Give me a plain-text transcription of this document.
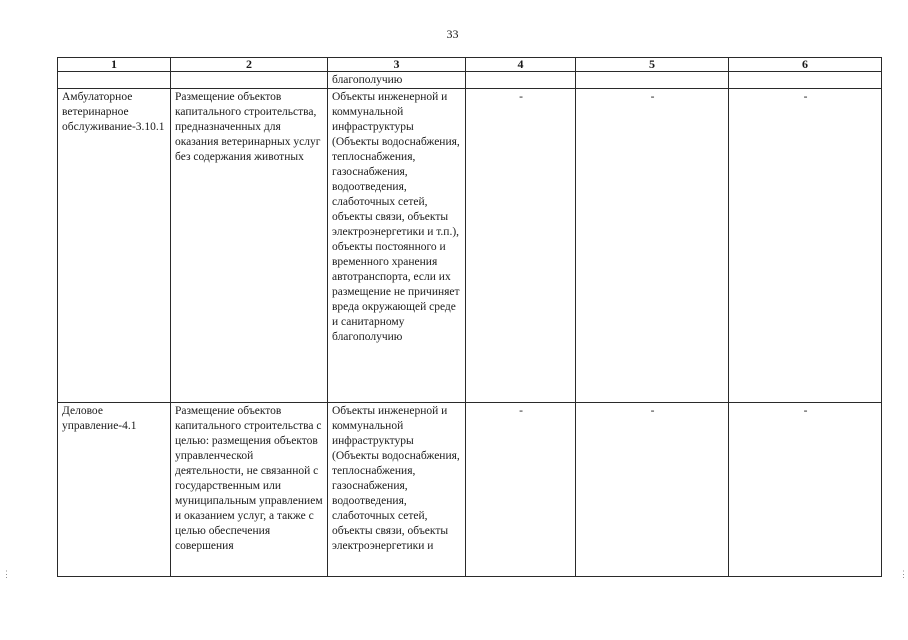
33
1	2	3	4	5	6
		благополучию			
Амбулаторное ветеринарное обслуживание-3.10.1	Размещение объектов капитального строительства, предназначенных для оказания ветеринарных услуг без содержания животных	Объекты инженерной и коммунальной инфраструктуры (Объекты водоснабжения, теплоснабжения, газоснабжения, водоотведения, слаботочных сетей, объекты связи, объекты электроэнергетики и т.п.), объекты постоянного и временного хранения автотранспорта, если их размещение не причиняет вреда окружающей среде и санитарному благополучию	-	-	-
Деловое управление-4.1	Размещение объектов капитального строительства с целью: размещения объектов управленческой деятельности, не связанной с государственным или муниципальным управлением и оказанием услуг, а также с целью обеспечения совершения	Объекты инженерной и коммунальной инфраструктуры (Объекты водоснабжения, теплоснабжения, газоснабжения, водоотведения, слаботочных сетей, объекты связи, объекты электроэнергетики и	-	-	-
⋮	⋮
